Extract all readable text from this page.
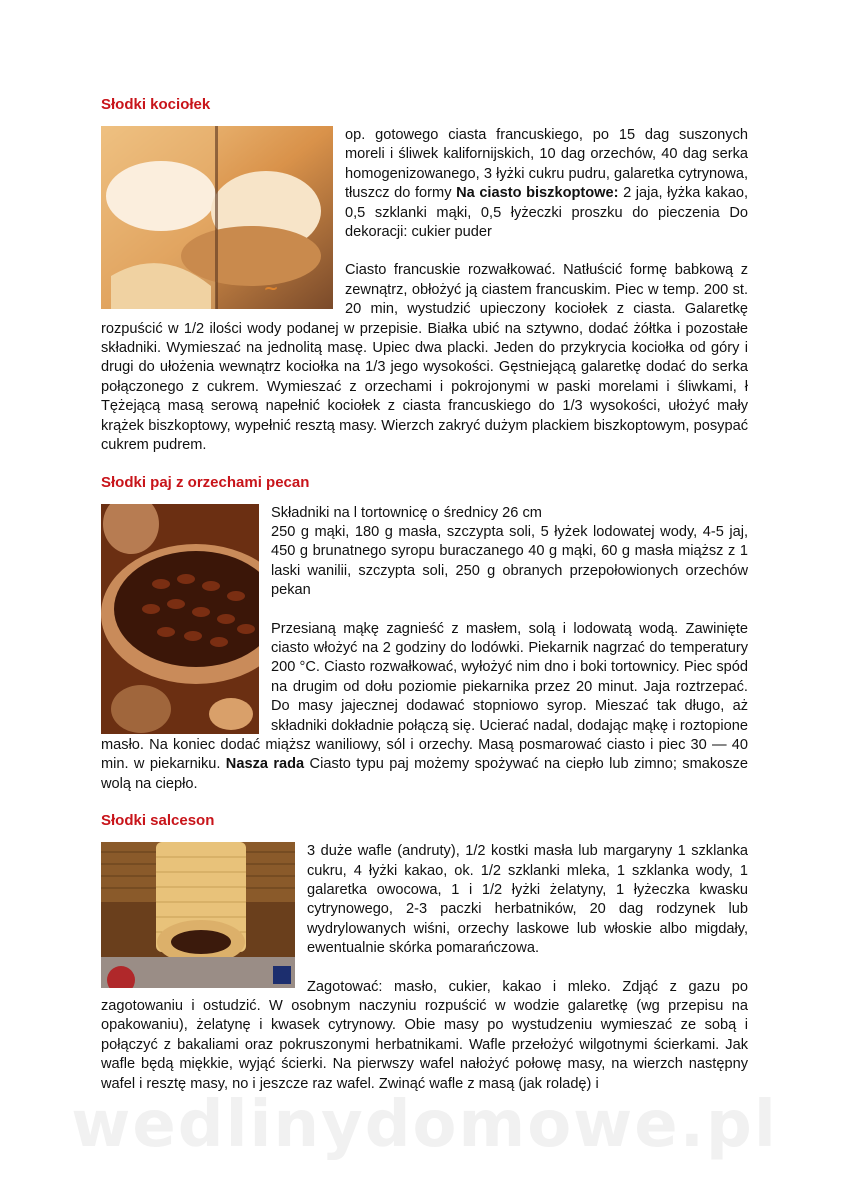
Słodki kociołek
~

op. gotowego ciasta francuskiego, po 15 dag suszonych moreli i śliwek kalifornijskich, 10 dag orzechów, 40 dag serka homogenizowanego, 3 łyżki cukru pudru, galaretka cytrynowa, tłuszcz do formy Na ciasto biszkoptowe: 2 jaja, łyżka kakao, 0,5 szklanki mąki, 0,5 łyżeczki proszku do pieczenia Do dekoracji: cukier puder

Ciasto francuskie rozwałkować. Natłuścić formę babkową z zewnątrz, obłożyć ją ciastem francuskim. Piec w temp. 200 st. 20 min, wystudzić upieczony kociołek z ciasta. Galaretkę rozpuścić w 1/2 ilości wody podanej w przepisie. Białka ubić na sztywno, dodać żółtka i pozostałe składniki. Wymieszać na jednolitą masę. Upiec dwa placki. Jeden do przykrycia kociołka od góry i drugi do ułożenia wewnątrz kociołka na 1/3 jego wysokości. Gęstniejącą galaretkę dodać do serka połączonego z cukrem. Wymieszać z orzechami i pokrojonymi w paski morelami i śliwkami, ł Tężejącą masą serową napełnić kociołek z ciasta francuskiego do 1/3 wysokości, ułożyć mały krążek biszkoptowy, wypełnić resztą masy. Wierzch zakryć dużym plackiem biszkoptowym, posypać cukrem pudrem.

Słodki paj z orzechami pecan

Składniki na l tortownicę o średnicy 26 cm

250 g mąki, 180 g masła, szczypta soli, 5 łyżek lodowatej wody, 4-5 jaj, 450 g brunatnego syropu buraczanego 40 g mąki, 60 g masła miąższ z 1 laski wanilii, szczypta soli, 250 g obranych przepołowionych orzechów pekan

Przesianą mąkę zagnieść z masłem, solą i lodowatą wodą. Zawinięte ciasto włożyć na 2 godziny do lodówki. Piekarnik nagrzać do temperatury 200 °C. Ciasto rozwałkować, wyłożyć nim dno i boki tortownicy. Piec spód na drugim od dołu poziomie piekarnika przez 20 minut. Jaja roztrzepać. Do masy jajecznej dodawać stopniowo syrop. Mieszać tak długo, aż składniki dokładnie połączą się. Ucierać nadal, dodając mąkę i roztopione masło. Na koniec dodać miąższ waniliowy, sól i orzechy. Masą posmarować ciasto i piec 30 — 40 min. w piekarniku. Nasza rada Ciasto typu paj możemy spożywać na ciepło lub zimno; smakosze wolą na ciepło.

Słodki salceson

3 duże wafle (andruty), 1/2 kostki masła lub margaryny 1 szklanka cukru, 4 łyżki kakao, ok. 1/2 szklanki mleka, 1 szklanka wody, 1 galaretka owocowa, 1 i 1/2 łyżki żelatyny, 1 łyżeczka kwasku cytrynowego, 2-3 paczki herbatników, 20 dag rodzynek lub wydrylowanych wiśni, orzechy laskowe lub włoskie albo migdały, ewentualnie skórka pomarańczowa.

Zagotować: masło, cukier, kakao i mleko. Zdjąć z gazu po zagotowaniu i ostudzić. W osobnym naczyniu rozpuścić w wodzie galaretkę (wg przepisu na opakowaniu), żelatynę i kwasek cytrynowy. Obie masy po wystudzeniu wymieszać ze sobą i połączyć z bakaliami oraz pokruszonymi herbatnikami. Wafle przełożyć wilgotnymi ścierkami. Jak wafle będą miękkie, wyjąć ścierki. Na pierwszy wafel nałożyć połowę masy, na wierzch następny wafel i resztę masy, no i jeszcze raz wafel. Zwinąć wafle z masą (jak roladę) i

wedlinydomowe.pl
